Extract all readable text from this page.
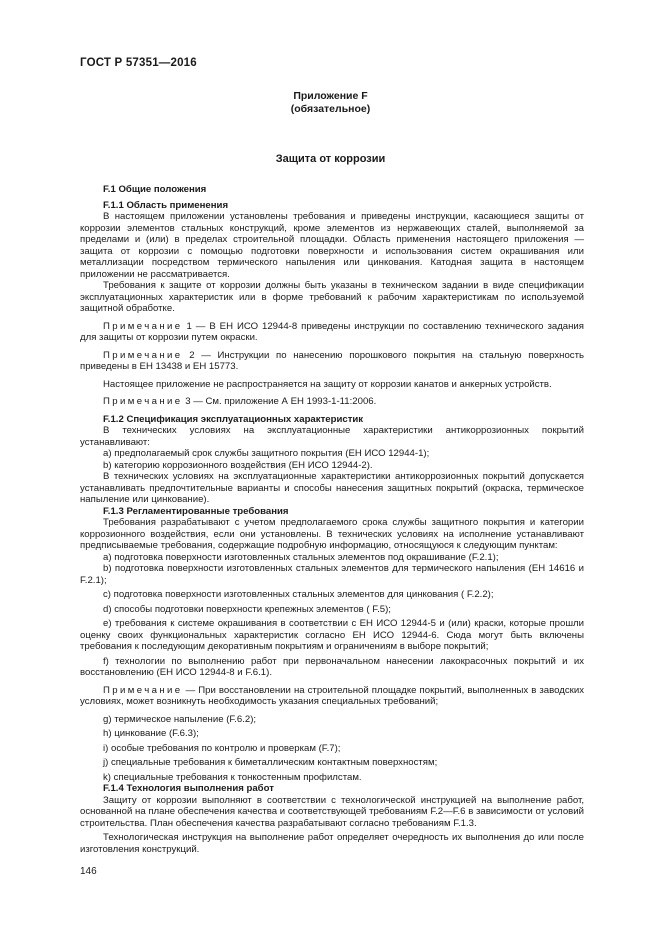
ГОСТ Р 57351—2016
Приложение F
(обязательное)
Защита от коррозии

F.1 Общие положения

F.1.1 Область применения

В настоящем приложении установлены требования и приведены инструкции, касающиеся защиты от коррозии элементов стальных конструкций, кроме элементов из нержавеющих сталей, выполняемой за пределами и (или) в пределах строительной площадки. Область применения настоящего приложения — защита от коррозии с помощью подготовки поверхности и использования систем окрашивания или металлизации посредством термического напыления или цинкования. Катодная защита в настоящем приложении не рассматривается.

Требования к защите от коррозии должны быть указаны в техническом задании в виде спецификации эксплуатационных характеристик или в форме требований к рабочим характеристикам по используемой защитной обработке.

Примечание 1 — В ЕН ИСО 12944-8 приведены инструкции по составлению технического задания для защиты от коррозии путем окраски.

Примечание 2 — Инструкции по нанесению порошкового покрытия на стальную поверхность приведены в ЕН 13438 и ЕН 15773.

Настоящее приложение не распространяется на защиту от коррозии канатов и анкерных устройств.

Примечание 3 — См. приложение А ЕН 1993-1-11:2006.

F.1.2 Спецификация эксплуатационных характеристик

В технических условиях на эксплуатационные характеристики антикоррозионных покрытий устанавливают:

a) предполагаемый срок службы защитного покрытия (ЕН ИСО 12944-1);

b) категорию коррозионного воздействия (ЕН ИСО 12944-2).

В технических условиях на эксплуатационные характеристики антикоррозионных покрытий допускается устанавливать предпочтительные варианты и способы нанесения защитных покрытий (окраска, термическое напыление или цинкование).

F.1.3 Регламентированные требования

Требования разрабатывают с учетом предполагаемого срока службы защитного покрытия и категории коррозионного воздействия, если они установлены. В технических условиях на исполнение устанавливают предписываемые требования, содержащие подробную информацию, относящуюся к следующим пунктам:

a) подготовка поверхности изготовленных стальных элементов под окрашивание (F.2.1);

b) подготовка поверхности изготовленных стальных элементов для термического напыления (ЕН 14616 и F.2.1);

c) подготовка поверхности изготовленных стальных элементов для цинкования ( F.2.2);

d) способы подготовки поверхности крепежных элементов ( F.5);

e) требования к системе окрашивания в соответствии с ЕН ИСО 12944-5 и (или) краски, которые прошли оценку своих функциональных характеристик согласно ЕН ИСО 12944-6. Сюда могут быть включены требования к последующим декоративным покрытиям и ограничениям в выборе покрытий;

f) технологии по выполнению работ при первоначальном нанесении лакокрасочных покрытий и их восстановлению (ЕН ИСО 12944-8 и F.6.1).

Примечание — При восстановлении на строительной площадке покрытий, выполненных в заводских условиях, может возникнуть необходимость указания специальных требований;

g) термическое напыление (F.6.2);

h) цинкование (F.6.3);

i) особые требования по контролю и проверкам (F.7);

j) специальные требования к биметаллическим контактным поверхностям;

k) специальные требования к тонкостенным профилстам.

F.1.4 Технология выполнения работ

Защиту от коррозии выполняют в соответствии с технологической инструкцией на выполнение работ, основанной на плане обеспечения качества и соответствующей требованиям F.2—F.6 в зависимости от условий строительства. План обеспечения качества разрабатывают согласно требованиям F.1.3.

Технологическая инструкция на выполнение работ определяет очередность их выполнения до или после изготовления конструкций.

146
